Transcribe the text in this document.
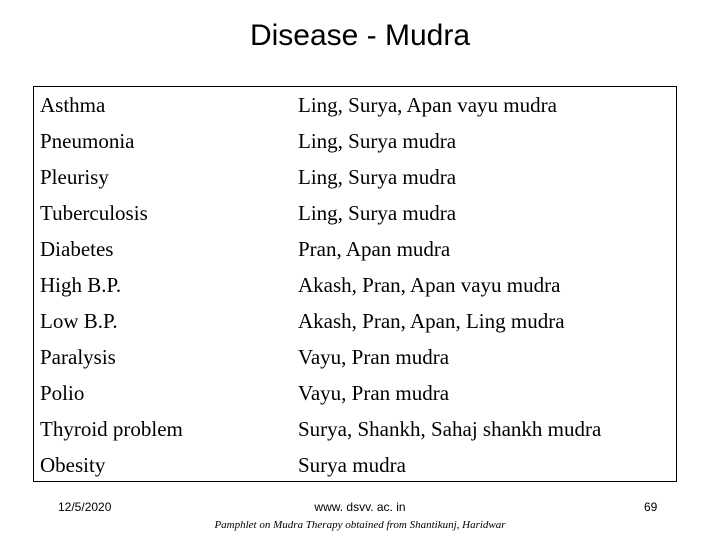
Disease - Mudra
Asthma	Ling, Surya, Apan vayu mudra
Pneumonia	Ling, Surya mudra
Pleurisy	Ling, Surya mudra
Tuberculosis	Ling, Surya mudra
Diabetes	Pran, Apan mudra
High B.P.	Akash, Pran, Apan vayu mudra
Low B.P.	Akash, Pran, Apan, Ling mudra
Paralysis	Vayu, Pran mudra
Polio	Vayu, Pran mudra
Thyroid problem	Surya, Shankh, Sahaj shankh mudra
Obesity	Surya mudra
12/5/2020	www. dsvv. ac. in	69
Pamphlet on Mudra Therapy obtained from Shantikunj, Haridwar
